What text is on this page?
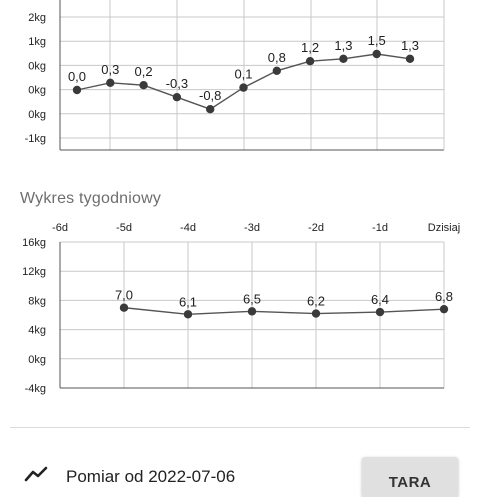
2kg
1kg
0kg
0kg
0kg
-1kg
0,0 0,3 0,2
-0,3
-0,8
0,1
0,8
1,2 1,3 1,5 1,3
Wykres tygodniowy
-6d	-5d	-4d	-3d	-2d	-1d	Dzisiaj
16kg
12kg
8kg
4kg
0kg
-4kg
7,0	6,1	6,5	6,2	6,4	6,8
Pomiar od 2022-07-06	TARA
